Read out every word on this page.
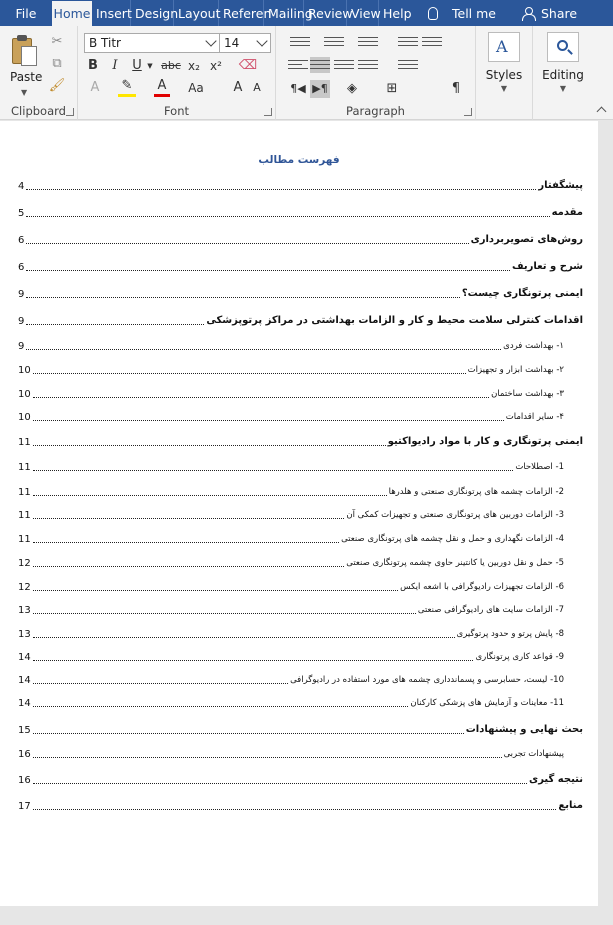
File	Home Insert Design Layout Referen
Mailing
Review
View Help	Tell me	Share
Paste
▼
✂
⧉
🖌
Clipboard
B Titr	14
B	I	U ▼ abc x₂ x² ⌫
A	✎ A	Aa	A A
Font
¶◀ ▶¶	◈	⊞	¶
Paragraph
A
Styles
▼
Editing
▼
فهرست مطالب
4	پیشگفتار
5	مقدمه
6	روش‌های تصویربرداری
6	شرح و تعاریف
9	ایمنی پرتونگاری چیست؟
9	اقدامات کنترلی سلامت محیط و کار و الزامات بهداشتی در مراکز پرتوپزشکی
9	۱- بهداشت فردی
10	۲- بهداشت ابزار و تجهیزات
10	۳- بهداشت ساختمان
10	۴- سایر اقدامات
11	ایمنی پرتونگاری و کار با مواد رادیواکتیو
11	1- اصطلاحات
11	2- الزامات چشمه های پرتونگاری صنعتی و هلدرها
11	3- الزامات دوربین های پرتونگاری صنعتی و تجهیزات کمکی آن
11	4- الزامات نگهداری و حمل و نقل چشمه های پرتونگاری صنعتی
12	5- حمل و نقل دوربین یا کانتینر حاوی چشمه پرتونگاری صنعتی
12	6- الزامات تجهیزات رادیوگرافی با اشعه ایکس
13	7- الزامات سایت های رادیوگرافی صنعتی
13	8- پایش پرتو و حدود پرتوگیری
14	9- قواعد کاری پرتونگاری
14	10- لیست، حسابرسی و پسماندداری چشمه های مورد استفاده در رادیوگرافی
14	11- معاینات و آزمایش های پزشکی کارکنان
15	بحث نهایی و پیشنهادات
16	پیشنهادات تجربی
16	نتیجه گیری
17	منابع
